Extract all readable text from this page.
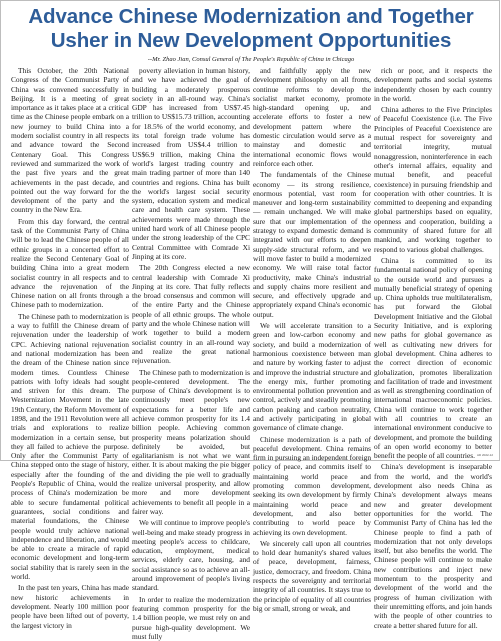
Advance Chinese Modernization and Together
Usher in New Development Opportunities
--Mr. Zhao Jian, Consul General of The People's Republic of China in Chicago

This October, the 20th National Congress of the Communist Party of China was convened successfully in Beijing. It is a meeting of great importance as it takes place at a critical time as the Chinese people embark on a new journey to build China into a modern socialist country in all respects and advance toward the Second Centenary Goal. This Congress reviewed and summarized the work of the past five years and the great achievements in the past decade, and pointed out the way forward for the development of the party and the country in the New Era.

From this day forward, the central task of the Communist Party of China will be to lead the Chinese people of all ethnic groups in a concerted effort to realize the Second Centenary Goal of building China into a great modern socialist country in all respects and to advance the rejuvenation of the Chinese nation on all fronts through a Chinese path to modernization.

The Chinese path to modernization is a way to fulfill the Chinese dream of rejuvenation under the leadership of CPC. Achieving national rejuvenation and national modernization has been the dream of the Chinese nation since modern times. Countless Chinese patriots with lofty ideals had sought and striven for this dream. The Westernization Movement in the late 19th Century, the Reform Movement of 1898, and the 1911 Revolution were all trials and explorations to realize modernization in a certain sense, but they all failed to achieve the purpose. Only after the Communist Party of China stepped onto the stage of history, especially after the founding of the People's Republic of China, would the process of China's modernization be able to secure fundamental political guarantees, social conditions and material foundations, the Chinese people would truly achieve national independence and liberation, and would be able to create a miracle of rapid economic development and long-term social stability that is rarely seen in the world.

In the past ten years, China has made new historic achievements in development. Nearly 100 million poor people have been lifted out of poverty, the largest victory in

poverty alleviation in human history, and we have achieved the goal of building a moderately prosperous society in an all-round way. China's GDP has increased from US$7.45 trillion to US$15.73 trillion, accounting for 18.5% of the world economy, and its total foreign trade volume has increased from US$4.4 trillion to US$6.9 trillion, making China the world's largest trading country and main trading partner of more than 140 countries and regions. China has built the world's largest social security system, education system and medical care and health care system. These achievements were made through the united hard work of all Chinese people under the strong leadership of the CPC Central Committee with Comrade Xi Jinping at its core.

The 20th Congress elected a new central leadership with Comrade Xi Jinping at its core. That fully reflects the broad consensus and common will of the entire Party and the Chinese people of all ethnic groups. The whole party and the whole Chinese nation will work together to build a modern socialist country in an all-round way and realize the great national rejuvenation.

The Chinese path to modernization is people-centered development. The purpose of China's development is to continuously meet people's new expectations for a better life and achieve common prosperity for its 1.4 billion people. Achieving common prosperity means polarization should definitely be avoided, but egalitarianism is not what we want either. It is about making the pie bigger and dividing the pie well to gradually realize universal prosperity, and allow more and more development achievements to benefit all people in a fairer way.

We will continue to improve people's well-being and make steady progress in meeting people's access to childcare, education, employment, medical services, elderly care, housing, and social assistance so as to achieve an all-around improvement of people's living standard.

In order to realize the modernization featuring common prosperity for the 1.4 billion people, we must rely on and pursue high-quality development. We must fully

and faithfully apply the new development philosophy on all fronts, continue reforms to develop the socialist market economy, promote high-standard opening up, and accelerate efforts to foster a new development pattern where the domestic circulation would serve as a mainstay and domestic and international economic flows would reinforce each other.

The fundamentals of the Chinese economy — its strong resilience, enormous potential, vast room for maneuver and long-term sustainability — remain unchanged. We will make sure that our implementation of the strategy to expand domestic demand is integrated with our efforts to deepen supply-side structural reform, and we will move faster to build a modernized economy. We will raise total factor productivity, make China's industrial and supply chains more resilient and secure, and effectively upgrade and appropriately expand China's economic output.

We will accelerate transition to a green and low-carbon economy and society, and build a modernization of harmonious coexistence between man and nature by working faster to adjust and improve the industrial structure and the energy mix, further promoting environmental pollution prevention and control, actively and steadily promoting carbon peaking and carbon neutrality, and actively participating in global governance of climate change.

Chinese modernization is a path of peaceful development. China remains firm in pursuing an independent foreign policy of peace, and commits itself to maintaining world peace and promoting common development, seeking its own development by firmly maintaining world peace and development, and also better contributing to world peace by achieving its own development.

We sincerely call upon all countries to hold dear humanity's shared values of peace, development, fairness, justice, democracy, and freedom. China respects the sovereignty and territorial integrity of all countries. It stays true to the principle of equality of all countries big or small, strong or weak, and

rich or poor, and it respects the development paths and social systems independently chosen by each country in the world.

China adheres to the Five Principles of Peaceful Coexistence (i.e. The Five Principles of Peaceful Coexistence are mutual respect for sovereignty and territorial integrity, mutual nonaggression, noninterference in each other's internal affairs, equality and mutual benefit, and peaceful coexistence) in pursuing friendship and cooperation with other countries. It is committed to deepening and expanding global partnerships based on equality, openness and cooperation, building a community of shared future for all mankind, and working together to respond to various global challenges.

China is committed to its fundamental national policy of opening to the outside world and pursues a mutually beneficial strategy of opening up. China upholds true multilateralism, has put forward the Global Development Initiative and the Global Security Initiative, and is exploring new paths for global governance as well as cultivating new drivers for global development. China adheres to the correct direction of economic globalization, promotes liberalization and facilitation of trade and investment as well as strengthening coordination of international macroeconomic policies. China will continue to work together with all countries to create an international environment conducive to development, and promote the building of an open world economy to better benefit the people of all countries.

China's development is inseparable from the world, and the world's development also needs China as China's development always means new and greater development opportunities for the world. The Communist Party of China has led the Chinese people to find a path of modernization that not only develops itself, but also benefits the world. The Chinese people will continue to make new contributions and inject new momentum to the prosperity and development of the world and the progress of human civilization with their unremitting efforts, and join hands with the people of other countries to create a better shared future for all.

AD 2022-12
